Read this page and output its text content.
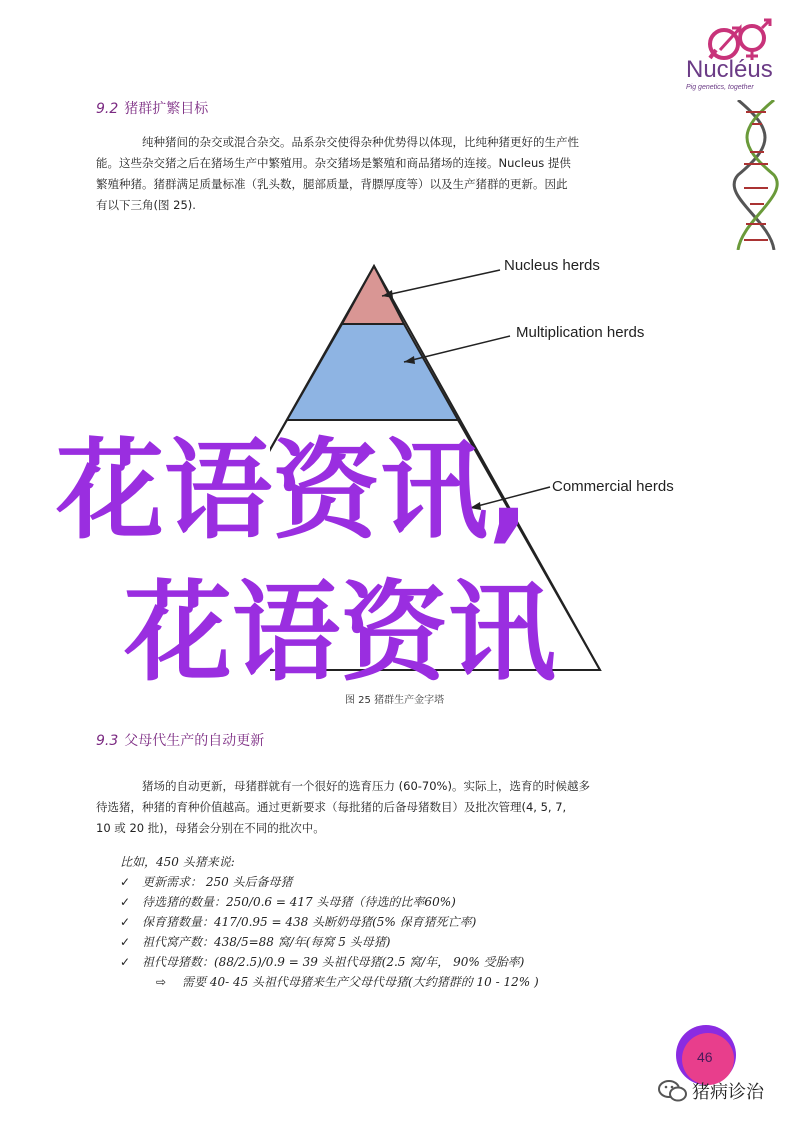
Nucléus
Pig genetics, together
9.2 猪群扩繁目标
纯种猪间的杂交或混合杂交。品系杂交使得杂种优势得以体现，比纯种猪更好的生产性
能。这些杂交猪之后在猪场生产中繁殖用。杂交猪场是繁殖和商品猪场的连接。Nucleus 提供
繁殖种猪。猪群满足质量标准（乳头数，腿部质量，背膘厚度等）以及生产猪群的更新。因此
有以下三角(图 25).
Nucleus herds
Multiplication herds
Commercial herds
图 25 猪群生产金字塔
花语资讯,
花语资讯
9.3 父母代生产的自动更新
猪场的自动更新，母猪群就有一个很好的选育压力 (60-70%)。实际上，选育的时候越多
待选猪，种猪的育种价值越高。通过更新要求（每批猪的后备母猪数目）及批次管理(4, 5, 7,
10 或 20 批)，母猪会分别在不同的批次中。
比如，450 头猪来说:
✓ 更新需求： 250 头后备母猪
✓ 待选猪的数量：250/0.6 = 417 头母猪（待选的比率60%)
✓ 保育猪数量：417/0.95 = 438 头断奶母猪(5% 保育猪死亡率)
✓ 祖代窝产数：438/5=88 窝/年(每窝 5 头母猪)
✓ 祖代母猪数：(88/2.5)/0.9 = 39 头祖代母猪(2.5 窝/年， 90% 受胎率)
⇨ 需要 40- 45 头祖代母猪来生产父母代母猪(大约猪群的 10 - 12% )
46
猪病诊治
